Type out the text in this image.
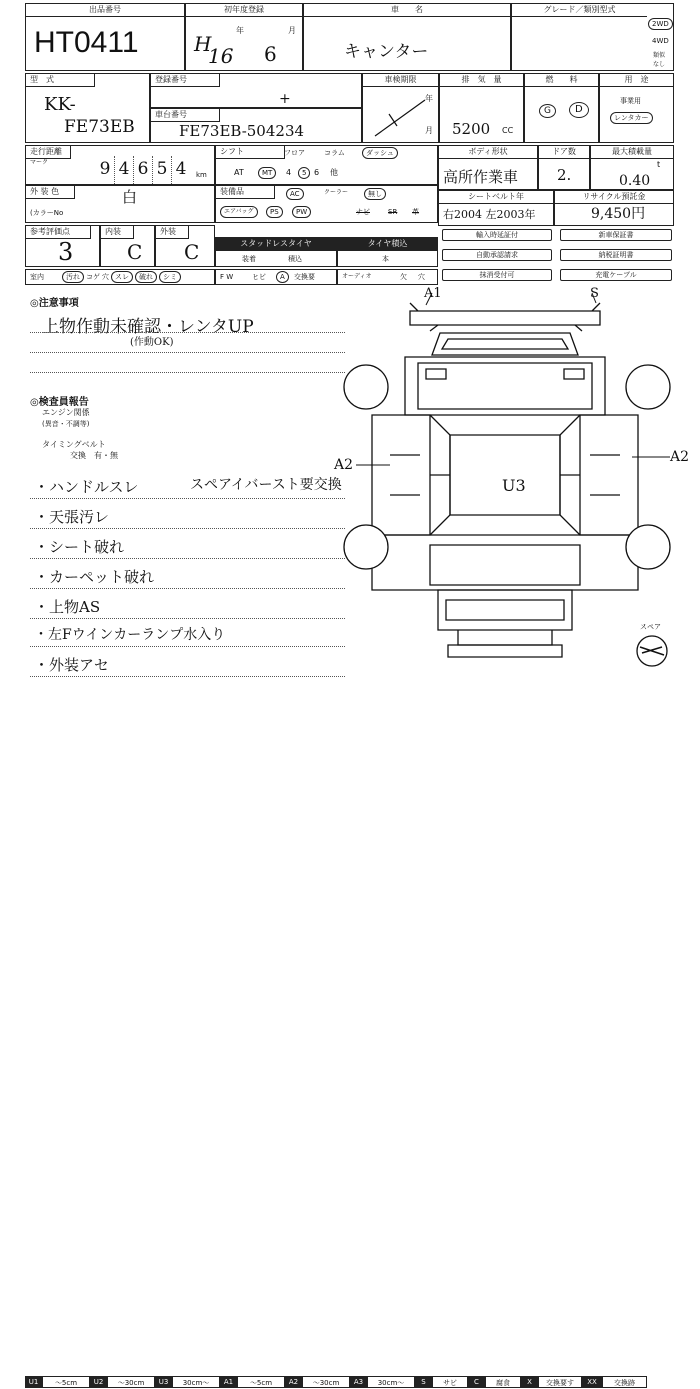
出品番号
HT0411
初年度登録
H
16
年
6
月
車　　名
キャンター
グレード／類別型式
2WD
4WD
類似
なし
型　式
KK-
FE73EB
登録番号
+
車台番号
FE73EB-504234
車検期限
年
月
排　気　量
5200 CC
燃　　料
G	D
用　途
事業用
レンタカー
走行距離
マーク	9 4 6 5 4	km
シフト	フロア	コラム	ダッシュ
AT	MT	4	5 6 他
ボディ形状
高所作業車
ドア数
2.
最大積載量
t
0.40
外 装 色	白
(カラーNo
装備品	AC	クーラー	無し
エアバッグ	PS	PW	ナビ	SR 革
シートベルト年
右2004 左2003年
リサイクル預託金
9,450円
参考評価点
3
内装
C
外装
C	スタッドレスタイヤ
装着	積込
タイヤ積込
本
輸入時延証付	新車保証書
自動承認請求	納税証明書
抹消受付可	充電ケーブル
室内	汚れ コゲ 穴 スレ	破れ	シミ	F W	ヒビ	A	交換要	オーディオ	欠 穴
◎注意事項
上物作動未確認・レンタUP
(作動OK)
◎検査員報告
エンジン関係
(異音・不調等)
タイミングベルト
交換　有・無
・ハンドルスレ	スペアイバースト要交換
・天張汚レ
・シート破れ
・カーペット破れ
・上物AS
・左Fウインカーランプ水入り
・外装アセ
A1	S
A2	A2
U3
スペア
U1	～5cm	U2	～30cm	U3	30cm～	A1	～5cm	A2	～30cm	A3	30cm～	S	サビ	C	腐食	X	交換要す	XX	交換跡
